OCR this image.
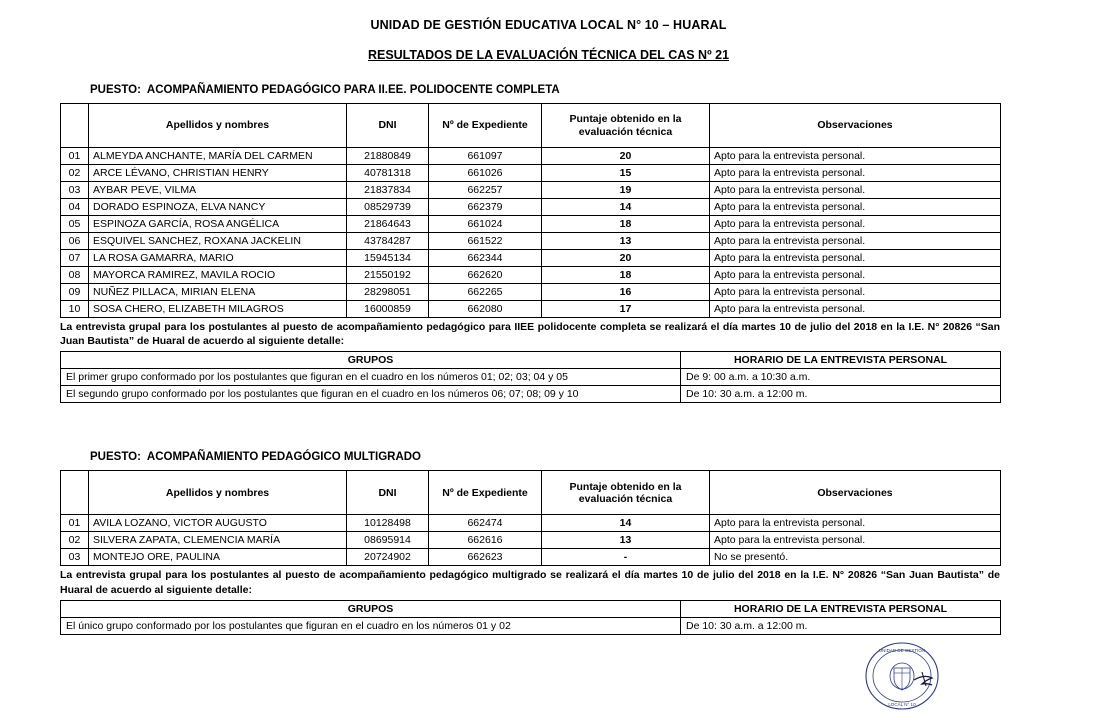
UNIDAD DE GESTIÓN EDUCATIVA LOCAL N° 10 – HUARAL
RESULTADOS DE LA EVALUACIÓN TÉCNICA DEL CAS Nº 21
PUESTO: ACOMPAÑAMIENTO PEDAGÓGICO PARA II.EE. POLIDOCENTE COMPLETA
	Apellidos y nombres	DNI	Nº de Expediente	Puntaje obtenido en la evaluación técnica	Observaciones
01	ALMEYDA ANCHANTE, MARÍA DEL CARMEN	21880849	661097	20	Apto para la entrevista personal.
02	ARCE LÉVANO, CHRISTIAN HENRY	40781318	661026	15	Apto para la entrevista personal.
03	AYBAR PEVE, VILMA	21837834	662257	19	Apto para la entrevista personal.
04	DORADO ESPINOZA, ELVA NANCY	08529739	662379	14	Apto para la entrevista personal.
05	ESPINOZA GARCÍA, ROSA ANGÉLICA	21864643	661024	18	Apto para la entrevista personal.
06	ESQUIVEL SANCHEZ, ROXANA JACKELIN	43784287	661522	13	Apto para la entrevista personal.
07	LA ROSA GAMARRA, MARIO	15945134	662344	20	Apto para la entrevista personal.
08	MAYORCA RAMIREZ, MAVILA ROCIO	21550192	662620	18	Apto para la entrevista personal.
09	NUÑEZ PILLACA, MIRIAN ELENA	28298051	662265	16	Apto para la entrevista personal.
10	SOSA CHERO, ELIZABETH MILAGROS	16000859	662080	17	Apto para la entrevista personal.
La entrevista grupal para los postulantes al puesto de acompañamiento pedagógico para IIEE polidocente completa se realizará el día martes 10 de julio del 2018 en la I.E. N° 20826 “San Juan Bautista” de Huaral de acuerdo al siguiente detalle:
GRUPOS	HORARIO DE LA ENTREVISTA PERSONAL
El primer grupo conformado por los postulantes que figuran en el cuadro en los números 01; 02; 03; 04 y 05	De 9: 00 a.m. a 10:30 a.m.
El segundo grupo conformado por los postulantes que figuran en el cuadro en los números 06; 07; 08; 09 y 10	De 10: 30 a.m. a 12:00 m.
PUESTO: ACOMPAÑAMIENTO PEDAGÓGICO MULTIGRADO
	Apellidos y nombres	DNI	Nº de Expediente	Puntaje obtenido en la evaluación técnica	Observaciones
01	AVILA LOZANO, VICTOR AUGUSTO	10128498	662474	14	Apto para la entrevista personal.
02	SILVERA ZAPATA, CLEMENCIA MARÍA	08695914	662616	13	Apto para la entrevista personal.
03	MONTEJO ORE, PAULINA	20724902	662623	-	No se presentó.
La entrevista grupal para los postulantes al puesto de acompañamiento pedagógico multigrado se realizará el día martes 10 de julio del 2018 en la I.E. N° 20826 “San Juan Bautista” de Huaral de acuerdo al siguiente detalle:
GRUPOS	HORARIO DE LA ENTREVISTA PERSONAL
El único grupo conformado por los postulantes que figuran en el cuadro en los números 01 y 02	De 10: 30 a.m. a 12:00 m.
UNIDAD DE GESTIÓN
LOCAL N° 10
